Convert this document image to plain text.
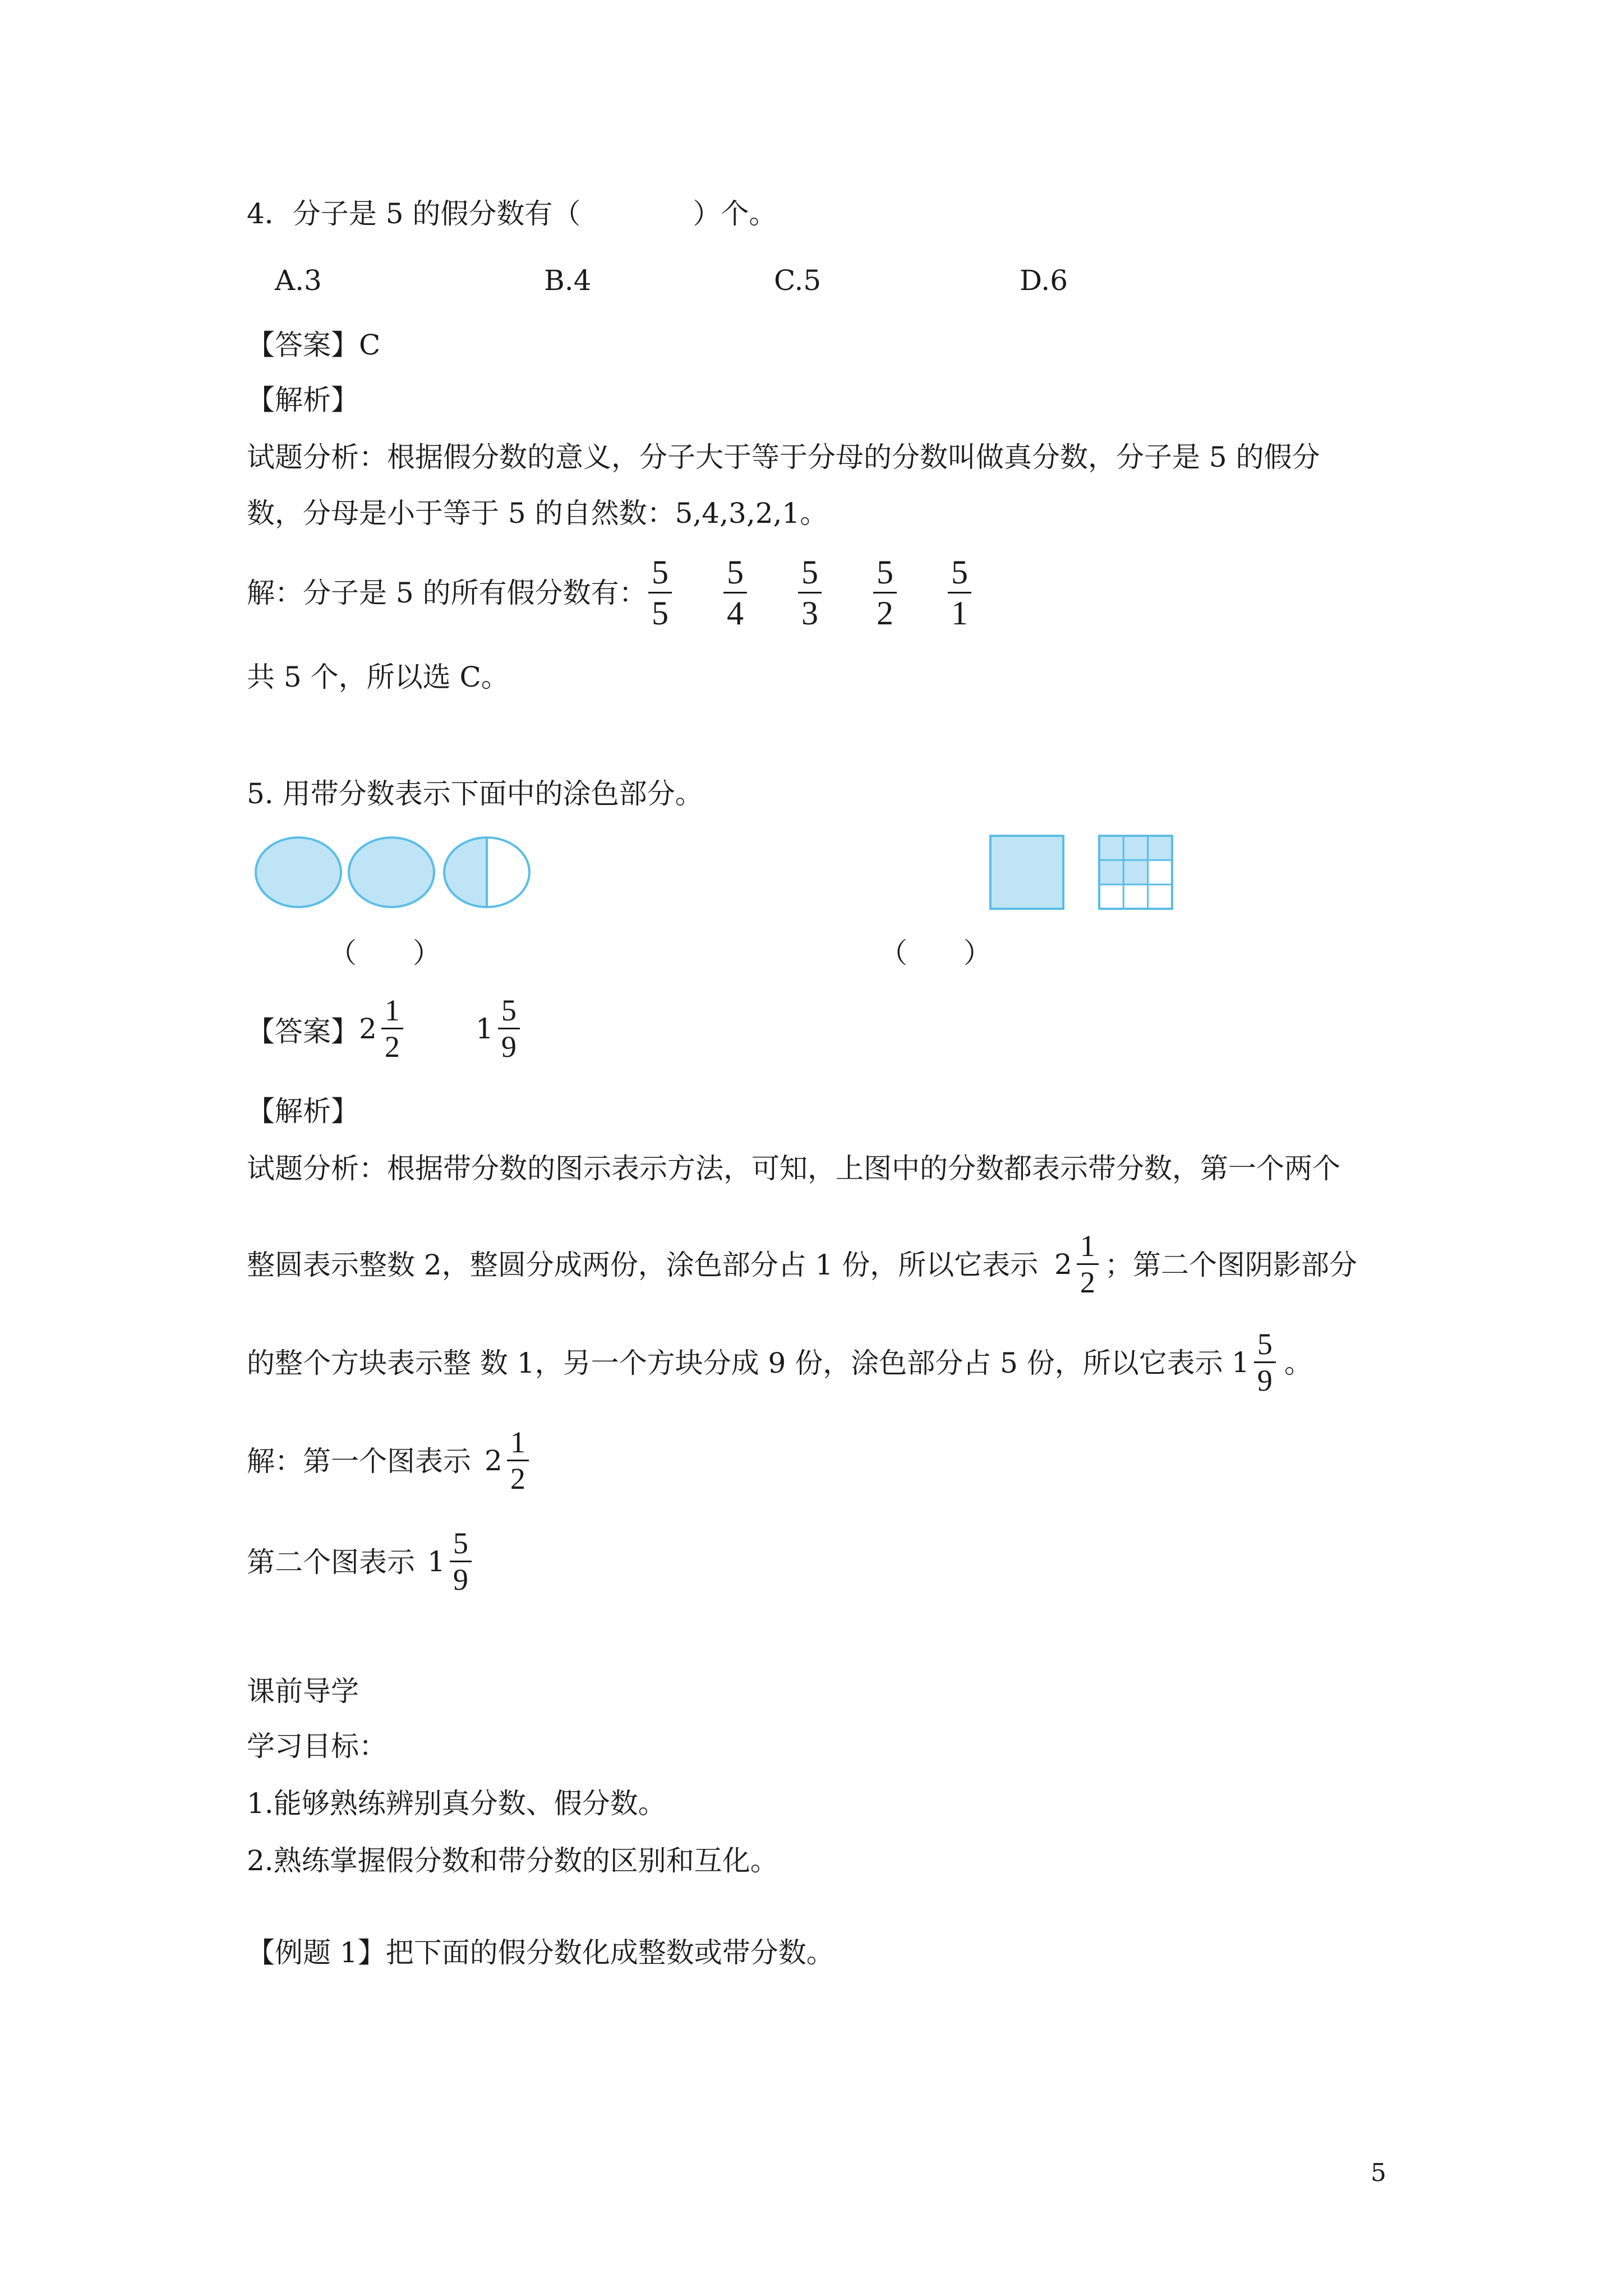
4．分子是 5 的假分数有（　　　　）个。
A.3	B.4	C.5	D.6
【答案】C
【解析】
试题分析：根据假分数的意义，分子大于等于分母的分数叫做真分数，分子是 5 的假分
数，分母是小于等于 5 的自然数：5,4,3,2,1。
解：分子是 5 的所有假分数有： $\frac{5}{5} \frac{5}{4} \frac{5}{3} \frac{5}{2} \frac{5}{1}$
共 5 个，所以选 C。
5. 用带分数表示下面中的涂色部分。
（　　）	（　　）
【答案】 $2 \frac{1}{2}$	$1 \frac{5}{9}$
【解析】
试题分析：根据带分数的图示表示方法，可知，上图中的分数都表示带分数，第一个两个
整圆表示整数 2，整圆分成两份，涂色部分占 1 份，所以它表示 $2 \frac{1}{2}$ ；第二个图阴影部分
的整个方块表示整 数 1，另一个方块分成 9 份，涂色部分占 5 份，所以它表示 $1 \frac{5}{9}$ 。
解：第一个图表示 $2 \frac{1}{2}$
第二个图表示 $1 \frac{5}{9}$
课前导学
学习目标：
1.能够熟练辨别真分数、假分数。
2.熟练掌握假分数和带分数的区别和互化。
【例题 1】把下面的假分数化成整数或带分数。
5
